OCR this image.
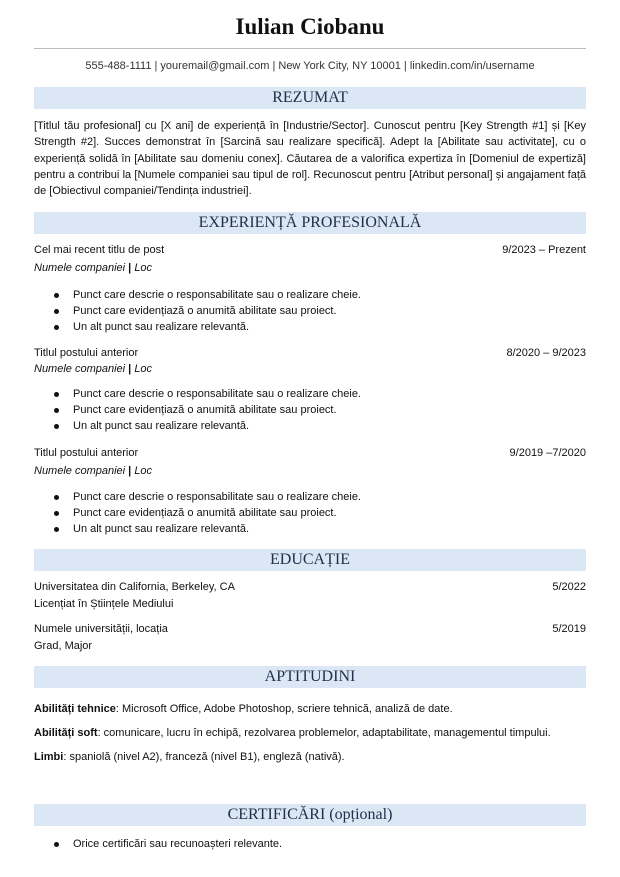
Iulian Ciobanu
555-488-1111 | youremail@gmail.com | New York City, NY 10001 | linkedin.com/in/username
REZUMAT
[Titlul tău profesional] cu [X ani] de experiență în [Industrie/Sector]. Cunoscut pentru [Key Strength #1] și [Key Strength #2]. Succes demonstrat în [Sarcină sau realizare specifică]. Adept la [Abilitate sau activitate], cu o experiență solidă în [Abilitate sau domeniu conex]. Căutarea de a valorifica expertiza în [Domeniul de expertiză] pentru a contribui la [Numele companiei sau tipul de rol]. Recunoscut pentru [Atribut personal] și angajament față de [Obiectivul companiei/Tendința industriei].
EXPERIENȚĂ PROFESIONALĂ
Cel mai recent titlu de post	9/2023 – Prezent
Numele companiei | Loc
Punct care descrie o responsabilitate sau o realizare cheie.
Punct care evidențiază o anumită abilitate sau proiect.
Un alt punct sau realizare relevantă.
Titlul postului anterior	8/2020 – 9/2023
Numele companiei | Loc
Punct care descrie o responsabilitate sau o realizare cheie.
Punct care evidențiază o anumită abilitate sau proiect.
Un alt punct sau realizare relevantă.
Titlul postului anterior	9/2019 –7/2020
Numele companiei | Loc
Punct care descrie o responsabilitate sau o realizare cheie.
Punct care evidențiază o anumită abilitate sau proiect.
Un alt punct sau realizare relevantă.
EDUCAȚIE
Universitatea din California, Berkeley, CA	5/2022
Licențiat în Științele Mediului
Numele universității, locația	5/2019
Grad, Major
APTITUDINI
Abilități tehnice: Microsoft Office, Adobe Photoshop, scriere tehnică, analiză de date.
Abilități soft: comunicare, lucru în echipă, rezolvarea problemelor, adaptabilitate, managementul timpului.
Limbi: spaniolă (nivel A2), franceză (nivel B1), engleză (nativă).
CERTIFICĂRI (opțional)
Orice certificări sau recunoașteri relevante.
